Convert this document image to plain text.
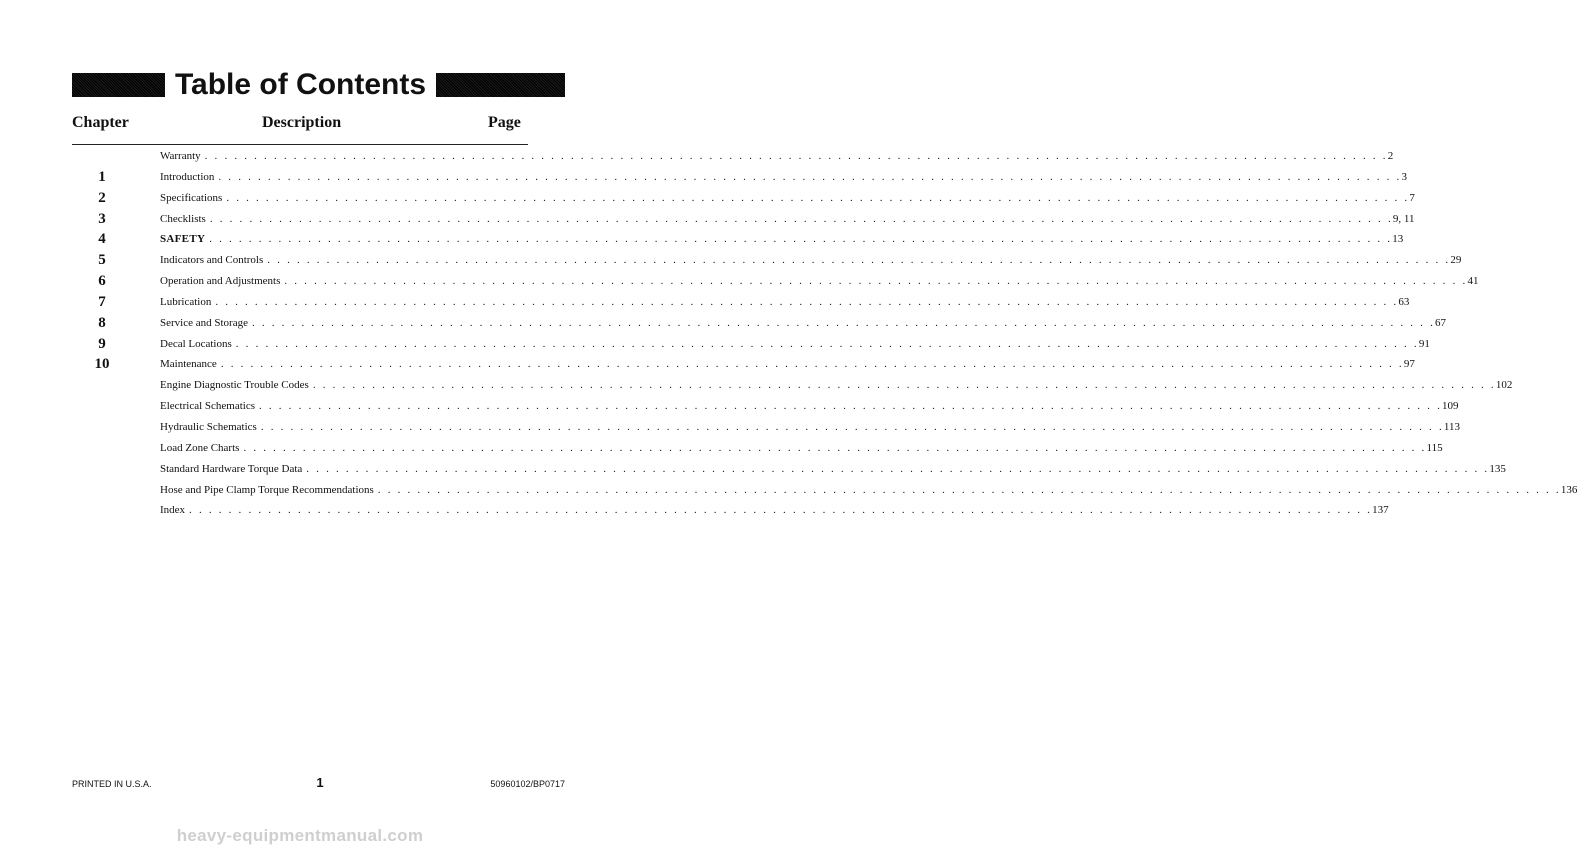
Table of Contents
Chapter	Description	Page
Warranty . . . . . . . . . . . . . . . . . . . . . . . . . . . . . . . . . . . . . . . . . . . . . . . . . . . . . . . . . . . . . . . . . . . . . . . . . . . . . . . . . . . . . . . . . . . . . . . . . . . . . . . . . . . . . . . . . . . . . . . . 2
1	Introduction . . . . . . . . . . . . . . . . . . . . . . . . . . . . . . . . . . . . . . . . . . . . . . . . . . . . . . . . . . . . . . . . . . . . . . . . . . . . . . . . . . . . . . . . . . . . . . . . . . . . . . . . . . . . . . . . . . . . . . . . 3
2	Specifications . . . . . . . . . . . . . . . . . . . . . . . . . . . . . . . . . . . . . . . . . . . . . . . . . . . . . . . . . . . . . . . . . . . . . . . . . . . . . . . . . . . . . . . . . . . . . . . . . . . . . . . . . . . . . . . . . . . . . . . . 7
3	Checklists . . . . . . . . . . . . . . . . . . . . . . . . . . . . . . . . . . . . . . . . . . . . . . . . . . . . . . . . . . . . . . . . . . . . . . . . . . . . . . . . . . . . . . . . . . . . . . . . . . . . . . . . . . . . . . . . . . . . . . . . 9, 11
4	SAFETY . . . . . . . . . . . . . . . . . . . . . . . . . . . . . . . . . . . . . . . . . . . . . . . . . . . . . . . . . . . . . . . . . . . . . . . . . . . . . . . . . . . . . . . . . . . . . . . . . . . . . . . . . . . . . . . . . . . . . . . . 13
5	Indicators and Controls . . . . . . . . . . . . . . . . . . . . . . . . . . . . . . . . . . . . . . . . . . . . . . . . . . . . . . . . . . . . . . . . . . . . . . . . . . . . . . . . . . . . . . . . . . . . . . . . . . . . . . . . . . . . . . . . . . . . . . . . 29
6	Operation and Adjustments . . . . . . . . . . . . . . . . . . . . . . . . . . . . . . . . . . . . . . . . . . . . . . . . . . . . . . . . . . . . . . . . . . . . . . . . . . . . . . . . . . . . . . . . . . . . . . . . . . . . . . . . . . . . . . . . . . . . . . . . 41
7	Lubrication . . . . . . . . . . . . . . . . . . . . . . . . . . . . . . . . . . . . . . . . . . . . . . . . . . . . . . . . . . . . . . . . . . . . . . . . . . . . . . . . . . . . . . . . . . . . . . . . . . . . . . . . . . . . . . . . . . . . . . . . 63
8	Service and Storage . . . . . . . . . . . . . . . . . . . . . . . . . . . . . . . . . . . . . . . . . . . . . . . . . . . . . . . . . . . . . . . . . . . . . . . . . . . . . . . . . . . . . . . . . . . . . . . . . . . . . . . . . . . . . . . . . . . . . . . . 67
9	Decal Locations . . . . . . . . . . . . . . . . . . . . . . . . . . . . . . . . . . . . . . . . . . . . . . . . . . . . . . . . . . . . . . . . . . . . . . . . . . . . . . . . . . . . . . . . . . . . . . . . . . . . . . . . . . . . . . . . . . . . . . . . 91
10	Maintenance . . . . . . . . . . . . . . . . . . . . . . . . . . . . . . . . . . . . . . . . . . . . . . . . . . . . . . . . . . . . . . . . . . . . . . . . . . . . . . . . . . . . . . . . . . . . . . . . . . . . . . . . . . . . . . . . . . . . . . . . 97
Engine Diagnostic Trouble Codes . . . . . . . . . . . . . . . . . . . . . . . . . . . . . . . . . . . . . . . . . . . . . . . . . . . . . . . . . . . . . . . . . . . . . . . . . . . . . . . . . . . . . . . . . . . . . . . . . . . . . . . . . . . . . . . . . . . . . . . . 102
Electrical Schematics . . . . . . . . . . . . . . . . . . . . . . . . . . . . . . . . . . . . . . . . . . . . . . . . . . . . . . . . . . . . . . . . . . . . . . . . . . . . . . . . . . . . . . . . . . . . . . . . . . . . . . . . . . . . . . . . . . . . . . . . 109
Hydraulic Schematics . . . . . . . . . . . . . . . . . . . . . . . . . . . . . . . . . . . . . . . . . . . . . . . . . . . . . . . . . . . . . . . . . . . . . . . . . . . . . . . . . . . . . . . . . . . . . . . . . . . . . . . . . . . . . . . . . . . . . . . . 113
Load Zone Charts . . . . . . . . . . . . . . . . . . . . . . . . . . . . . . . . . . . . . . . . . . . . . . . . . . . . . . . . . . . . . . . . . . . . . . . . . . . . . . . . . . . . . . . . . . . . . . . . . . . . . . . . . . . . . . . . . . . . . . . . 115
Standard Hardware Torque Data . . . . . . . . . . . . . . . . . . . . . . . . . . . . . . . . . . . . . . . . . . . . . . . . . . . . . . . . . . . . . . . . . . . . . . . . . . . . . . . . . . . . . . . . . . . . . . . . . . . . . . . . . . . . . . . . . . . . . . . . 135
Hose and Pipe Clamp Torque Recommendations . . . . . . . . . . . . . . . . . . . . . . . . . . . . . . . . . . . . . . . . . . . . . . . . . . . . . . . . . . . . . . . . . . . . . . . . . . . . . . . . . . . . . . . . . . . . . . . . . . . . . . . . . . . . . . . . . . . . . . . . 136
Index . . . . . . . . . . . . . . . . . . . . . . . . . . . . . . . . . . . . . . . . . . . . . . . . . . . . . . . . . . . . . . . . . . . . . . . . . . . . . . . . . . . . . . . . . . . . . . . . . . . . . . . . . . . . . . . . . . . . . . . . 137
PRINTED IN U.S.A.	1	50960102/BP0717
heavy-equipmentmanual.com
